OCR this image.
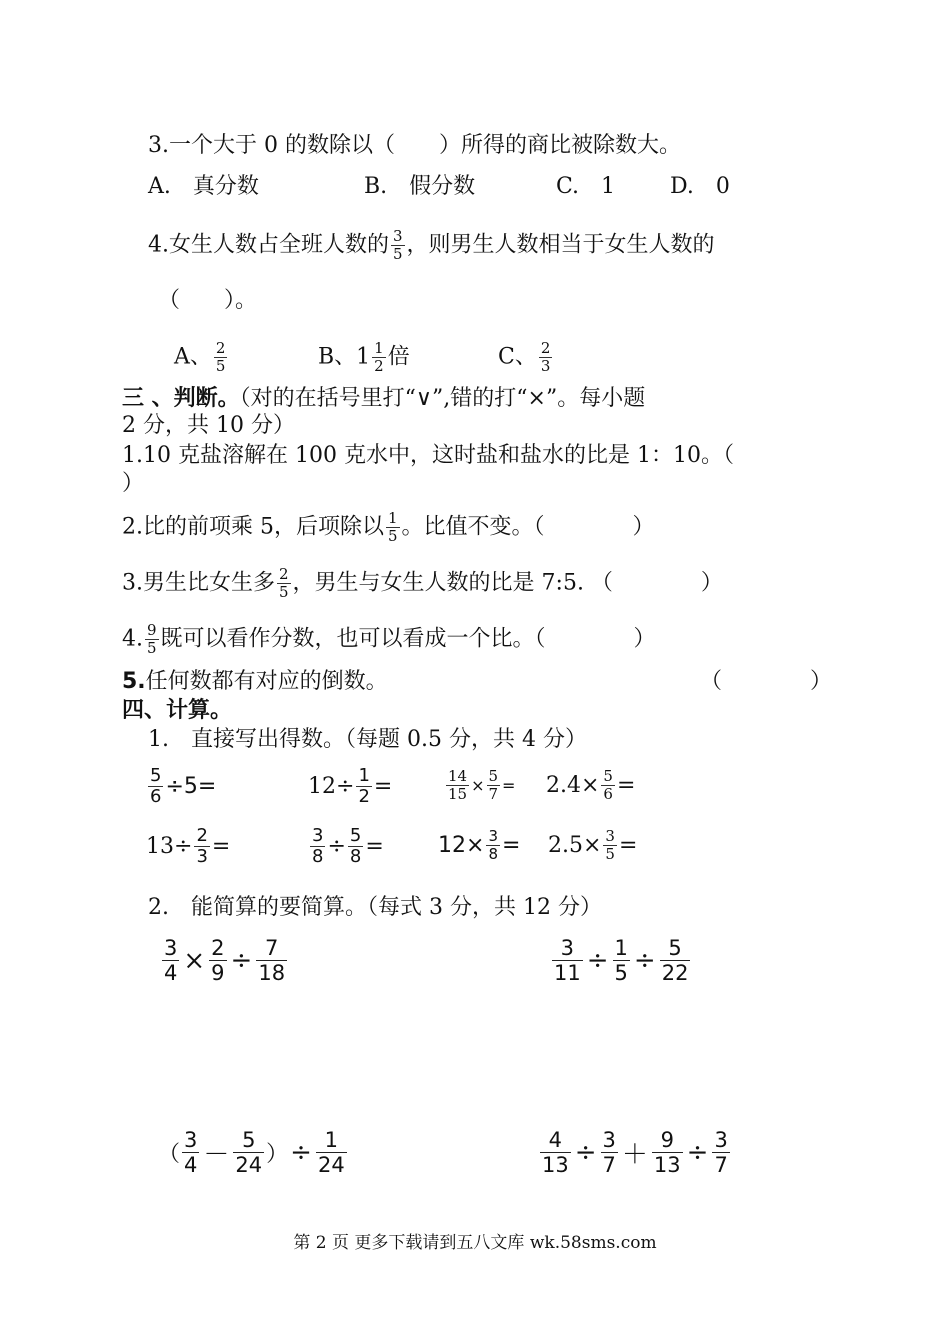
3.一个大于 0 的数除以（　　）所得的商比被除数大。
A.　真分数	B.　假分数	C.　1 D.　0
4.女生人数占全班人数的 $\frac{3}{5}$ ，则男生人数相当于女生人数的
（　　）。
A、 $\frac{2}{5}$	B、$1 \frac{1}{2}$ 倍	C、 $\frac{2}{3}$
三 、判断。（对的在括号里打“∨”,错的打“×”。每小题
2 分，共 10 分）
1.10 克盐溶解在 100 克水中，这时盐和盐水的比是 1：10。（
）
2.比的前项乘 5，后项除以 $\frac{1}{5}$ 。比值不变。（　　　　）
3.男生比女生多 $\frac{2}{5}$ ，男生与女生人数的比是 7:5. （　　　　）
4. $\frac{9}{5}$ 既可以看作分数，也可以看成一个比。（　　　　）
5.任何数都有对应的倒数。	（　　　　）
四、计算。
1.　直接写出得数。（每题 0.5 分，共 4 分）
$\frac{5}{6} \div 5=$	$12\div \frac{1}{2}$ =	$\frac{14}{15} \times \frac{5}{7} = 2.4\times \frac{5}{6}$ =
$13\div \frac{2}{3}$ =	$\frac{3}{8} \div \frac{5}{8} = 12\times \frac{3}{8} = 2.5\times \frac{3}{5}$ =
2.　能简算的要简算。（每式 3 分，共 12 分）
$\frac{3}{4} \times \frac{2}{9} \div \frac{7}{18}$	$\frac{3}{11} \div \frac{1}{5} \div \frac{5}{22}$
（ $\frac{3}{4} - \frac{5}{24}$ ） ÷ $\frac{1}{24}$	$\frac{4}{13} \div \frac{3}{7} + \frac{9}{13} \div \frac{3}{7}$
第 2 页 更多下载请到五八文库 wk.58sms.com
